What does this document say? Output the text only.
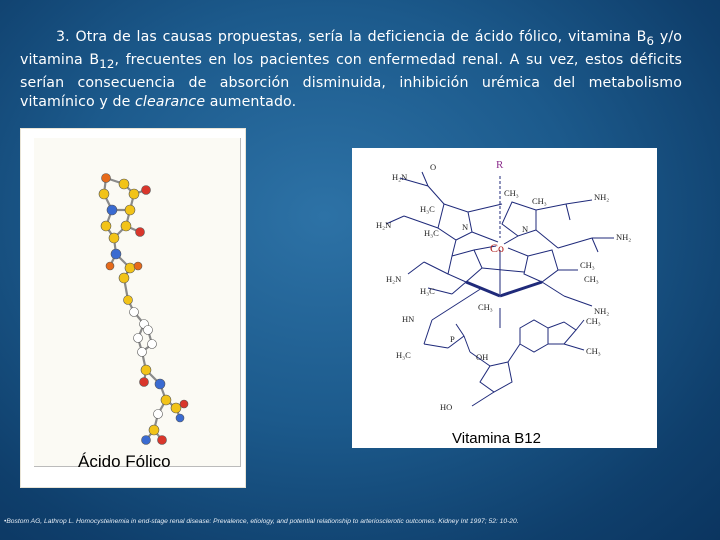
3. Otra de las causas propuestas, sería la deficiencia de ácido fólico, vitamina $B_6$ y/o vitamina $B_{12}$, frecuentes en los pacientes con enfermedad renal. A su vez, estos déficits serían consecuencia de absorción disminuida, inhibición urémica del metabolismo vitamínico y de clearance aumentado.

Ácido Fólico
R
Co
H₂N
O
H₂N
H₃C
H₃C
H₂N
H₃C
CH₃
CH₃	NH₂
NH₂
CH₃
CH₃
NH₂
CH₃
HN
H₃C
P
OH
HO
CH₃
CH₃
N	N
Vitamina B12
•Bostom AG, Lathrop L. Homocysteinemia in end-stage renal disease: Prevalence, etiology, and potential relationship to arteriosclerotic outcomes. Kidney Int 1997; 52: 10-20.
